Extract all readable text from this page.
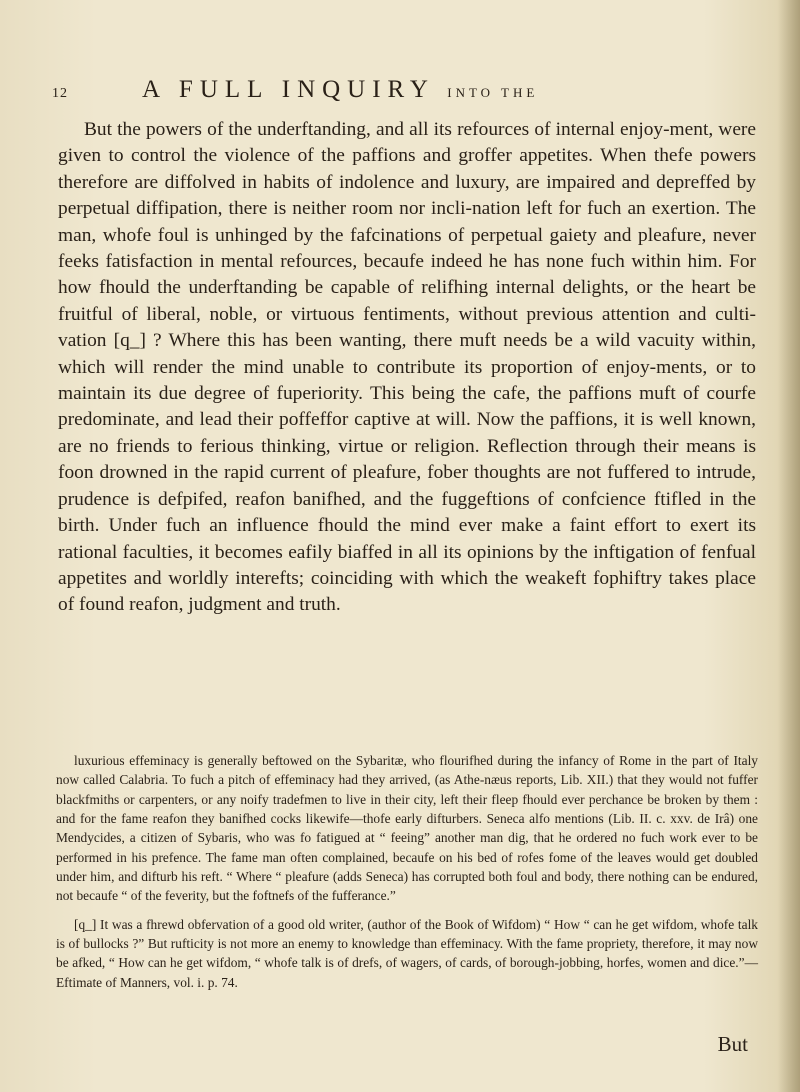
12	A FULL INQUIRY INTO THE

But the powers of the underftanding, and all its refources of internal enjoy-ment, were given to control the violence of the paffions and groffer appetites. When thefe powers therefore are diffolved in habits of indolence and luxury, are impaired and depreffed by perpetual diffipation, there is neither room nor incli-nation left for fuch an exertion. The man, whofe foul is unhinged by the fafcinations of perpetual gaiety and pleafure, never feeks fatisfaction in mental refources, becaufe indeed he has none fuch within him. For how fhould the underftanding be capable of relifhing internal delights, or the heart be fruitful of liberal, noble, or virtuous fentiments, without previous attention and culti-vation [q_] ? Where this has been wanting, there muft needs be a wild vacuity within, which will render the mind unable to contribute its proportion of enjoy-ments, or to maintain its due degree of fuperiority. This being the cafe, the paffions muft of courfe predominate, and lead their poffeffor captive at will. Now the paffions, it is well known, are no friends to ferious thinking, virtue or religion. Reflection through their means is foon drowned in the rapid current of pleafure, fober thoughts are not fuffered to intrude, prudence is defpifed, reafon banifhed, and the fuggeftions of confcience ftifled in the birth. Under fuch an influence fhould the mind ever make a faint effort to exert its rational faculties, it becomes eafily biaffed in all its opinions by the inftigation of fenfual appetites and worldly interefts; coinciding with which the weakeft fophiftry takes place of found reafon, judgment and truth.

luxurious effeminacy is generally beftowed on the Sybaritæ, who flourifhed during the infancy of Rome in the part of Italy now called Calabria. To fuch a pitch of effeminacy had they arrived, (as Athe-næus reports, Lib. XII.) that they would not fuffer blackfmiths or carpenters, or any noify tradefmen to live in their city, left their fleep fhould ever perchance be broken by them : and for the fame reafon they banifhed cocks likewife—thofe early difturbers. Seneca alfo mentions (Lib. II. c. xxv. de Irâ) one Mendycides, a citizen of Sybaris, who was fo fatigued at “ feeing” another man dig, that he ordered no fuch work ever to be performed in his prefence. The fame man often complained, becaufe on his bed of rofes fome of the leaves would get doubled under him, and difturb his reft. “ Where “ pleafure (adds Seneca) has corrupted both foul and body, there nothing can be endured, not becaufe “ of the feverity, but the foftnefs of the fufferance.”

[q_] It was a fhrewd obfervation of a good old writer, (author of the Book of Wifdom) “ How “ can he get wifdom, whofe talk is of bullocks ?” But rufticity is not more an enemy to knowledge than effeminacy. With the fame propriety, therefore, it may now be afked, “ How can he get wifdom, “ whofe talk is of drefs, of wagers, of cards, of borough-jobbing, horfes, women and dice.”—Eftimate of Manners, vol. i. p. 74.

But
